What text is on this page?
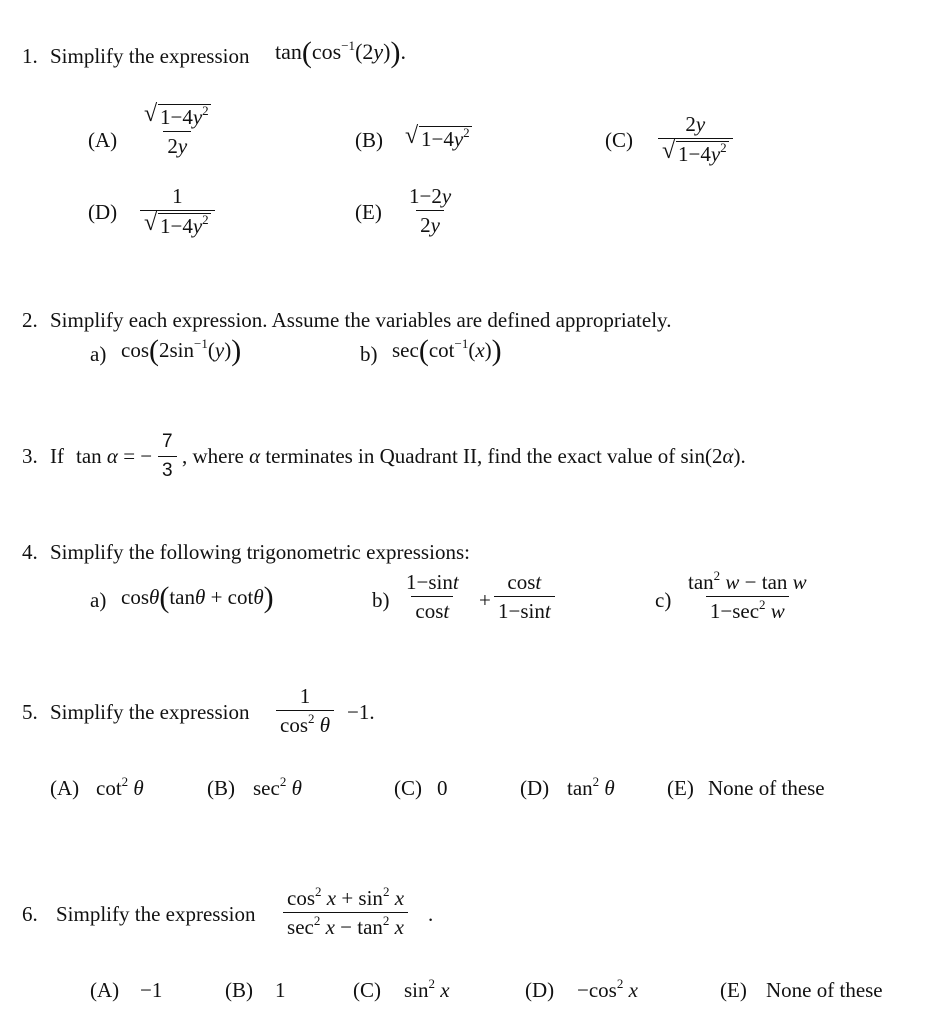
1. Simplify the expression $\tan(\cos^{-1}(2y))$.
$(A) \frac{√ 1-4y^2}{2y}$	(B) √ $1-4y^2$	$(C) \frac{2y}{√ 1-4y^2}$
$(D) \frac{1}{√ 1-4y^2}$	$(E) \frac{1-2y}{2y}$
2. Simplify each expression. Assume the variables are defined appropriately.
a) $\cos(2\sin^{-1}(y))$	b) $\sec(\cot^{-1}(x))$
3. If tan α = − $\frac{7}{3}$ , where α terminates in Quadrant II, find the exact value of sin(2α).
4. Simplify the following trigonometric expressions:
a) cosθ(tanθ + cotθ)	$b) \frac{1-\sin t}{\cos t} + \frac{\cos t}{1-\sin t}$	c)
$\tan^2 w - \tan w$
$1-\sec^2$ w
5. Simplify the expression $\frac{1}{\cos^2 \theta} -1$.
(A) $\cot^2 \theta$	(B) $\sec^2 \theta$	(C) 0	(D) $\tan^2 \theta$ (E) None of these
6. Simplify the expression
$\cos^2 x + \sin^2 x$
$\sec^2 x - \tan^2 x$
.
(A) −1	(B) 1	(C) $\sin^2 x$	$(D) -\cos^2$ x	(E) None of these
